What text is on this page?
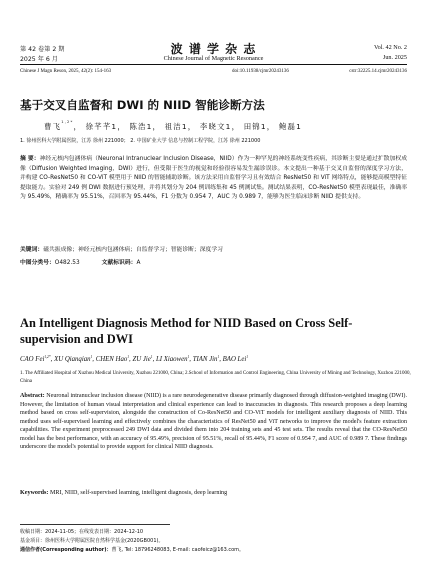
第 42 卷第 2 期
2025 年 6 月
波 谱 学 杂 志
Chinese Journal of Magnetic Resonance
Vol. 42 No. 2
Jun. 2025
Chinese J Magn Reson, 2025, 42(2): 154-163	doi:10.11938/cjmr20243136	cstr:32225.14.cjmr20243136
基于交叉自监督和 DWI 的 NIID 智能诊断方法
曹飞$^{1,2*}$， 徐芊芊1， 陈浩1， 祖洁1， 李晓文1， 田锦1， 鲍磊1
1. 徐州医科大学附属医院，江苏 徐州 221000； 2. 中国矿业大学 信息与控制工程学院，江苏 徐州 221000
摘 要：神经元核内包涵体病（Neuronal Intranuclear Inclusion Disease，NIID）作为一种罕见的神经系统变性疾病，其诊断主要是通过扩散加权成像（Diffusion Weighted Imaging，DWI）进行，但受限于医生的视觉和经验很容易发生漏诊误诊。本文提出一种基于交叉自监督的深度学习方法，并构建 CO-ResNet50 和 CO-ViT 模型用于 NIID 的智能辅助诊断。该方法采用自监督学习且有效结合 ResNet50 和 ViT 网络特点，能够提高模型特征提取能力。实验对 249 例 DWI 数据进行预处理，并将其划分为 204 例训练集和 45 例测试集。测试结果表明，CO-ResNet50 模型表现最佳，准确率为 95.49%，精确率为 95.51%，召回率为 95.44%，F1 分数为 0.954 7，AUC 为 0.989 7，能够为医生临床诊断 NIID 提供支持。
关键词：磁共振成像；神经元核内包涵体病；自监督学习；智能诊断；深度学习
中图分类号：O482.53	文献标识码：A
An Intelligent Diagnosis Method for NIID Based on Cross Self-supervision and DWI
CAO Fei$^{1,2*}$, XU Qianqian$^1$, CHEN Hao$^1$, ZU Jie$^1$, LI Xiaowen$^1$, TIAN Jin$^1$, BAO Lei$^1$
1. The Affiliated Hospital of Xuzhou Medical University, Xuzhou 221000, China; 2.School of Information and Control Engineering, China University of Mining and Technology, Xuzhou 221000, China
Abstract: Neuronal intranuclear inclusion disease (NIID) is a rare neurodegenerative disease primarily diagnosed through diffusion-weighted imaging (DWI). However, the limitation of human visual interpretation and clinical experience can lead to inaccuracies in diagnosis. This research proposes a deep learning method based on cross self-supervision, alongside the construction of Co-ResNet50 and CO-ViT models for intelligent auxiliary diagnosis of NIID. This method uses self-supervised learning and effectively combines the characteristics of ResNet50 and ViT networks to improve the model's feature extraction capabilities. The experiment preprocessed 249 DWI data and divided them into 204 training sets and 45 test sets. The results reveal that the CO-ResNet50 model has the best performance, with an accuracy of 95.49%, precision of 95.51%, recall of 95.44%, F1 score of 0.954 7, and AUC of 0.989 7. These findings underscore the model's potential to provide support for clinical NIID diagnosis.
Keywords: MRI, NIID, self-supervised learning, intelligent diagnosis, deep learning
收稿日期：2024-11-05；在线发表日期：2024-12-10
基金项目：徐州医科大学附属医院自然科学基金(2020GB001)。
通信作者(Corresponding author)：曹飞, Tel: 18796248083, E-mail: caofeicz@163.com。
